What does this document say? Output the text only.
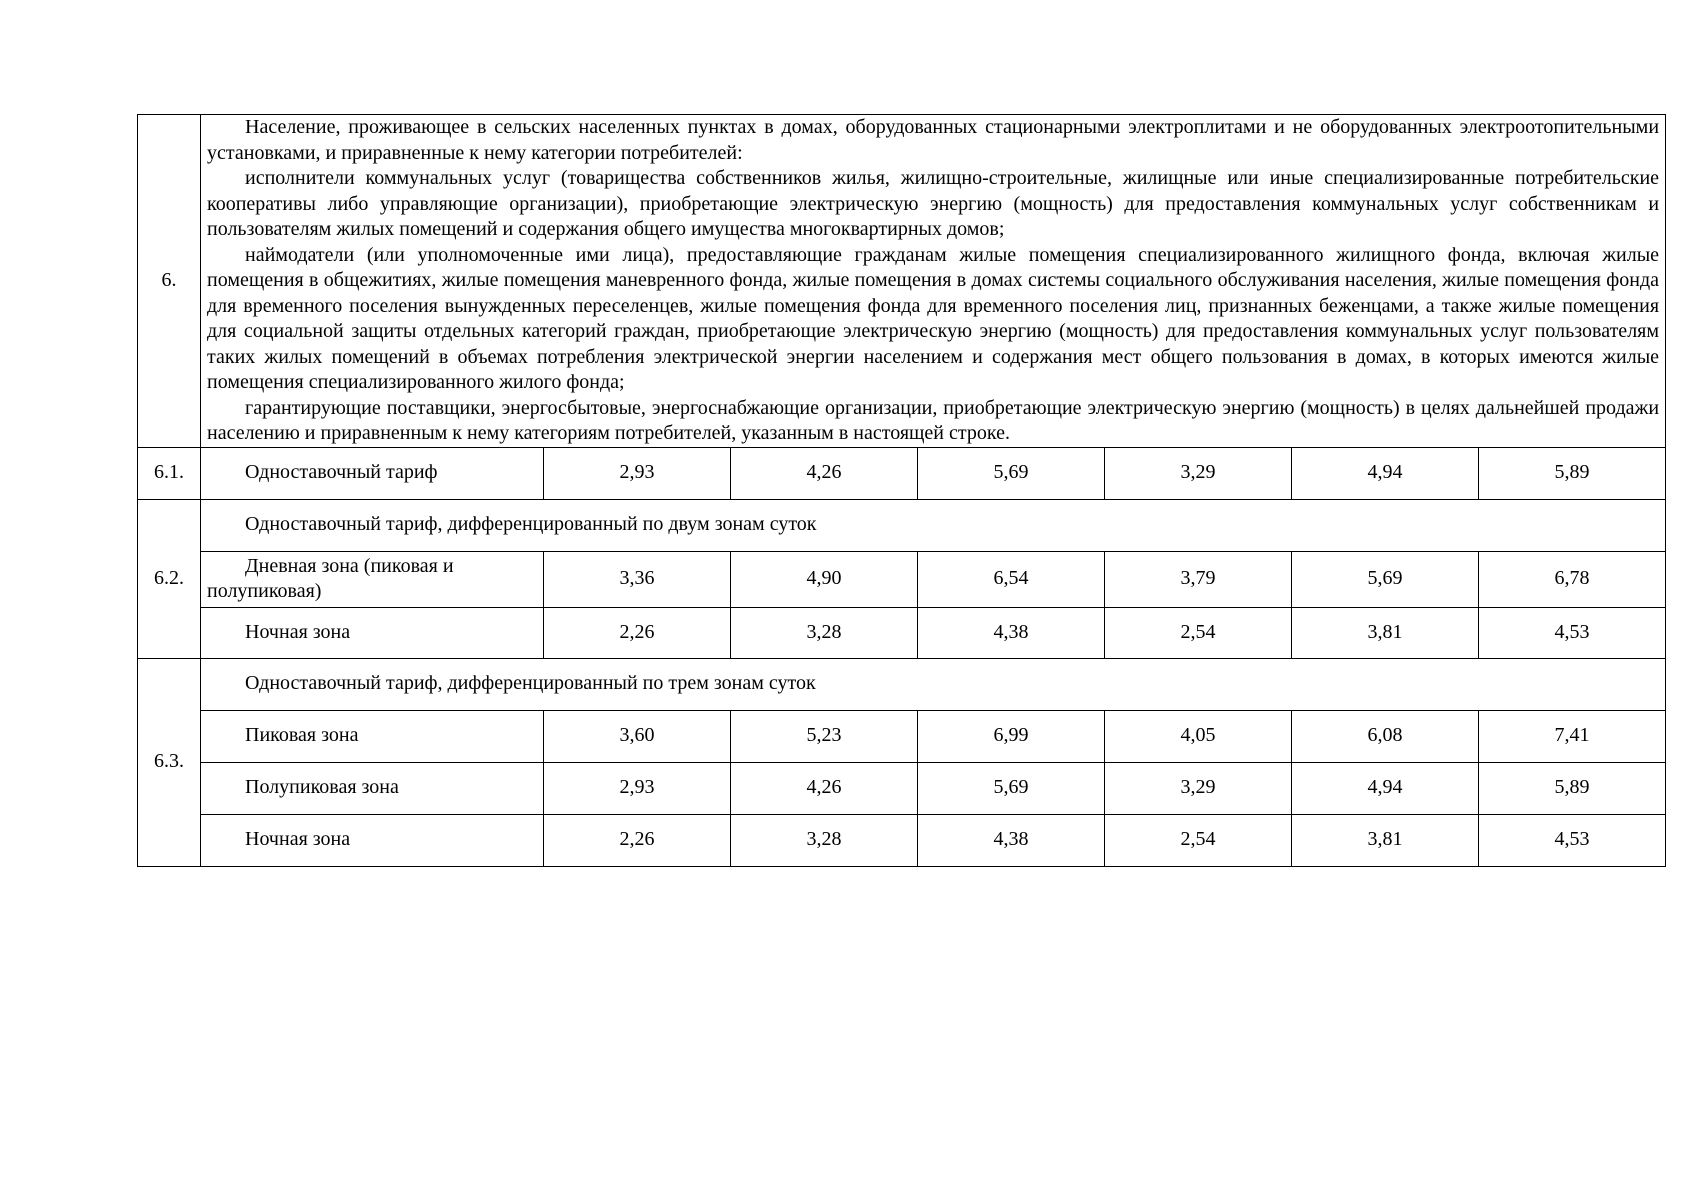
6.	Население, проживающее в сельских населенных пунктах в домах, оборудованных стационарными электроплитами и не оборудованных электроотопительными установками, и приравненные к нему категории потребителей:

исполнители коммунальных услуг (товарищества собственников жилья, жилищно-строительные, жилищные или иные специализированные потребительские кооперативы либо управляющие организации), приобретающие электрическую энергию (мощность) для предоставления коммунальных услуг собственникам и пользователям жилых помещений и содержания общего имущества многоквартирных домов;

наймодатели (или уполномоченные ими лица), предоставляющие гражданам жилые помещения специализированного жилищного фонда, включая жилые помещения в общежитиях, жилые помещения маневренного фонда, жилые помещения в домах системы социального обслуживания населения, жилые помещения фонда для временного поселения вынужденных переселенцев, жилые помещения фонда для временного поселения лиц, признанных беженцами, а также жилые помещения для социальной защиты отдельных категорий граждан, приобретающие электрическую энергию (мощность) для предоставления коммунальных услуг пользователям таких жилых помещений в объемах потребления электрической энергии населением и содержания мест общего пользования в домах, в которых имеются жилые помещения специализированного жилого фонда;

гарантирующие поставщики, энергосбытовые, энергоснабжающие организации, приобретающие электрическую энергию (мощность) в целях дальнейшей продажи населению и приравненным к нему категориям потребителей, указанным в настоящей строке.						

6.1.	Одноставочный тариф	2,93	4,26	5,69	3,29	4,94	5,89
6.2.	Одноставочный тариф, дифференцированный по двум зонам суток						
	Дневная зона (пиковая и полупиковая)	3,36	4,90	6,54	3,79	5,69	6,78
	Ночная зона	2,26	3,28	4,38	2,54	3,81	4,53
6.3.	Одноставочный тариф, дифференцированный по трем зонам суток						
	Пиковая зона	3,60	5,23	6,99	4,05	6,08	7,41
	Полупиковая зона	2,93	4,26	5,69	3,29	4,94	5,89
	Ночная зона	2,26	3,28	4,38	2,54	3,81	4,53
